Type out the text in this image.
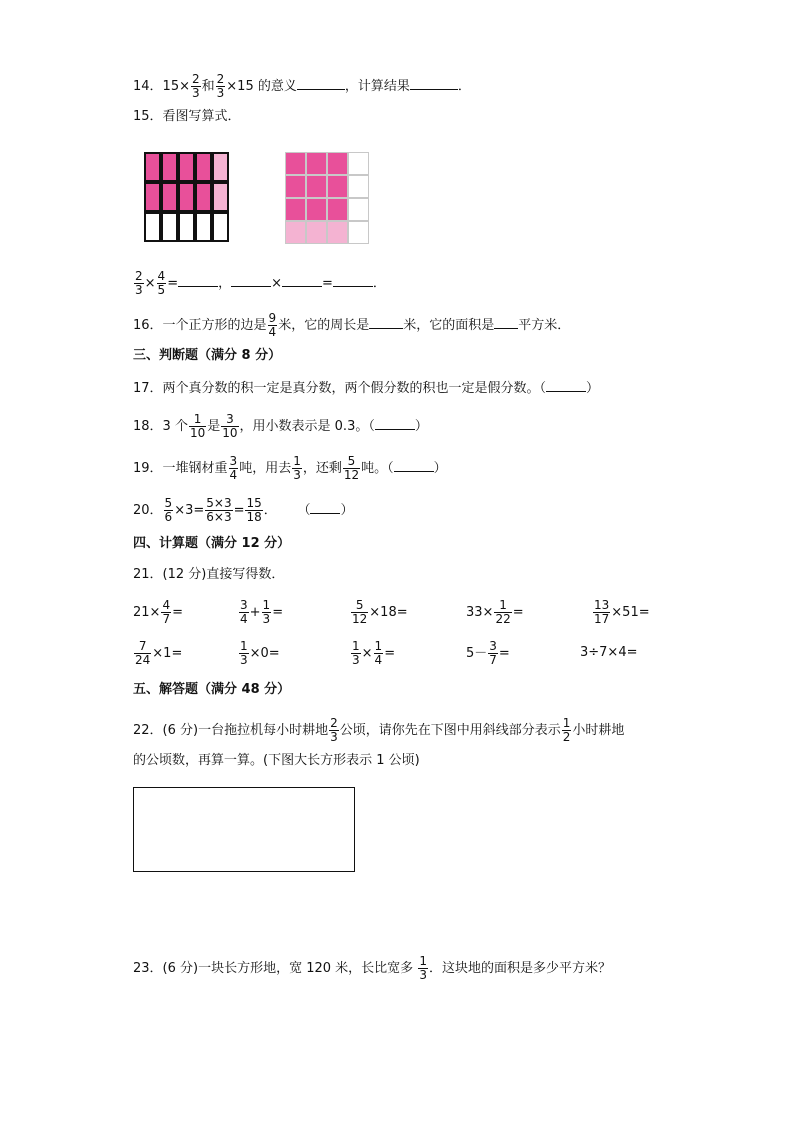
14．$15\times \frac{2}{3}$ 和 $\frac{2}{3} \times 15$ 的意义	，计算结果	．
15．看图写算式．
$\frac{2}{3} \times \frac{4}{5}$ =	，	×	=	．
16．一个正方形的边是 $\frac{9}{4}$ 米，它的周长是	米，它的面积是 平方米．
三、判断题（满分 8 分）
17．两个真分数的积一定是真分数，两个假分数的积也一定是假分数。（	）
18．3 个 $\frac{1}{10}$ 是 $\frac{3}{10}$ ，用小数表示是 0.3。（	）
19．一堆钢材重 $\frac{3}{4}$ 吨，用去 $\frac{1}{3}$ ，还剩 $\frac{5}{12}$ 吨。（	）
20． $\frac{5}{6} \times 3= \frac{5\times 3}{6\times 3} = \frac{15}{18}$ ． （ ）
四、计算题（满分 12 分）
21．(12 分)直接写得数．
$21\times \frac{4}{7}$ =	$\frac{3}{4} + \frac{1}{3}$ =	$\frac{5}{12} \times 18=$	$33\times \frac{1}{22}$ =	$\frac{13}{17} \times 51=$
$\frac{7}{24} \times 1=$	$\frac{1}{3} \times 0=$	$\frac{1}{3} \times \frac{1}{4}$ =	$5- \frac{3}{7}$ =	3÷7×4=
五、解答题（满分 48 分）
22．(6 分)一台拖拉机每小时耕地 $\frac{2}{3}$ 公顷，请你先在下图中用斜线部分表示 $\frac{1}{2}$ 小时耕地
的公顷数，再算一算。(下图大长方形表示 1 公顷)
23．(6 分)一块长方形地，宽 120 米，长比宽多 $\frac{1}{3}$ ．这块地的面积是多少平方米？
